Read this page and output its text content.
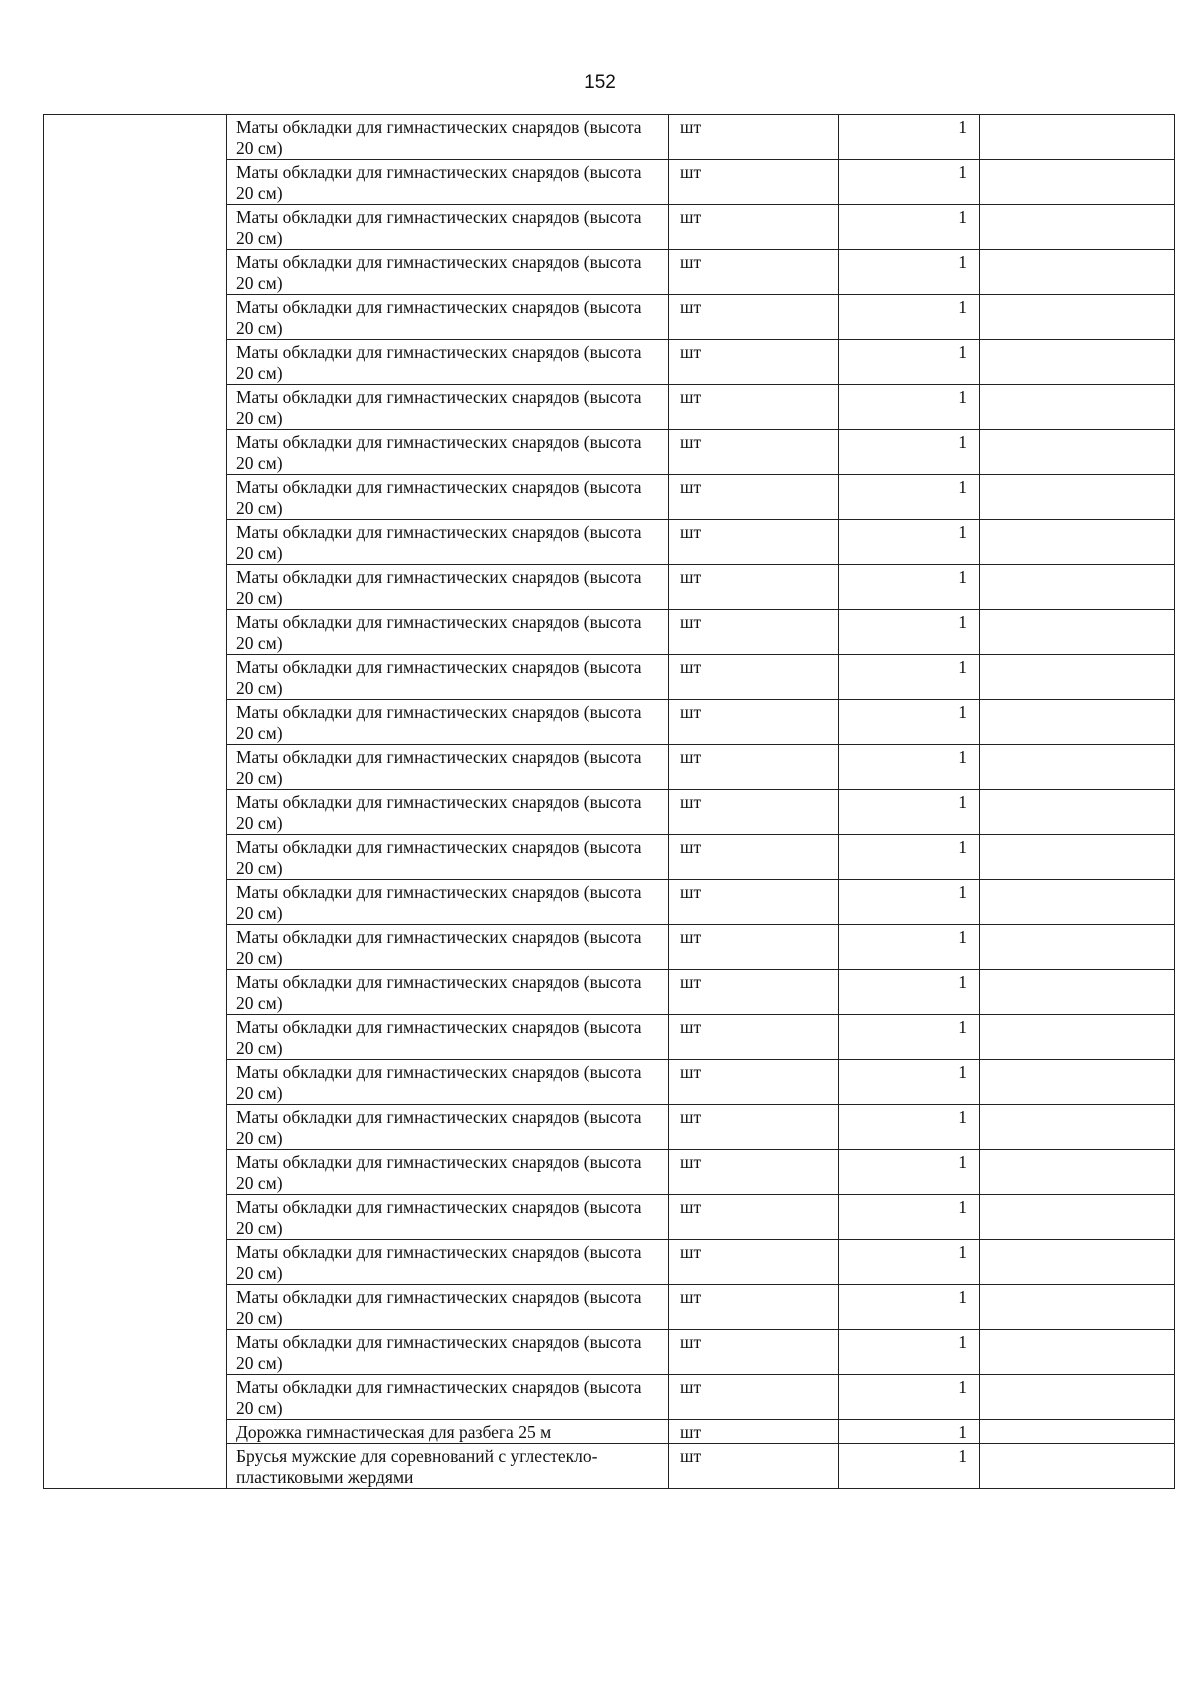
152
	Маты обкладки для гимнастических снарядов (высота 20 см)	шт	1	
	Маты обкладки для гимнастических снарядов (высота 20 см)	шт	1	
	Маты обкладки для гимнастических снарядов (высота 20 см)	шт	1	
	Маты обкладки для гимнастических снарядов (высота 20 см)	шт	1	
	Маты обкладки для гимнастических снарядов (высота 20 см)	шт	1	
	Маты обкладки для гимнастических снарядов (высота 20 см)	шт	1	
	Маты обкладки для гимнастических снарядов (высота 20 см)	шт	1	
	Маты обкладки для гимнастических снарядов (высота 20 см)	шт	1	
	Маты обкладки для гимнастических снарядов (высота 20 см)	шт	1	
	Маты обкладки для гимнастических снарядов (высота 20 см)	шт	1	
	Маты обкладки для гимнастических снарядов (высота 20 см)	шт	1	
	Маты обкладки для гимнастических снарядов (высота 20 см)	шт	1	
	Маты обкладки для гимнастических снарядов (высота 20 см)	шт	1	
	Маты обкладки для гимнастических снарядов (высота 20 см)	шт	1	
	Маты обкладки для гимнастических снарядов (высота 20 см)	шт	1	
	Маты обкладки для гимнастических снарядов (высота 20 см)	шт	1	
	Маты обкладки для гимнастических снарядов (высота 20 см)	шт	1	
	Маты обкладки для гимнастических снарядов (высота 20 см)	шт	1	
	Маты обкладки для гимнастических снарядов (высота 20 см)	шт	1	
	Маты обкладки для гимнастических снарядов (высота 20 см)	шт	1	
	Маты обкладки для гимнастических снарядов (высота 20 см)	шт	1	
	Маты обкладки для гимнастических снарядов (высота 20 см)	шт	1	
	Маты обкладки для гимнастических снарядов (высота 20 см)	шт	1	
	Маты обкладки для гимнастических снарядов (высота 20 см)	шт	1	
	Маты обкладки для гимнастических снарядов (высота 20 см)	шт	1	
	Маты обкладки для гимнастических снарядов (высота 20 см)	шт	1	
	Маты обкладки для гимнастических снарядов (высота 20 см)	шт	1	
	Маты обкладки для гимнастических снарядов (высота 20 см)	шт	1	
	Маты обкладки для гимнастических снарядов (высота 20 см)	шт	1	
	Дорожка гимнастическая для разбега 25 м	шт	1	
	Брусья мужские для соревнований с углестекло-пластиковыми жердями	шт	1	
